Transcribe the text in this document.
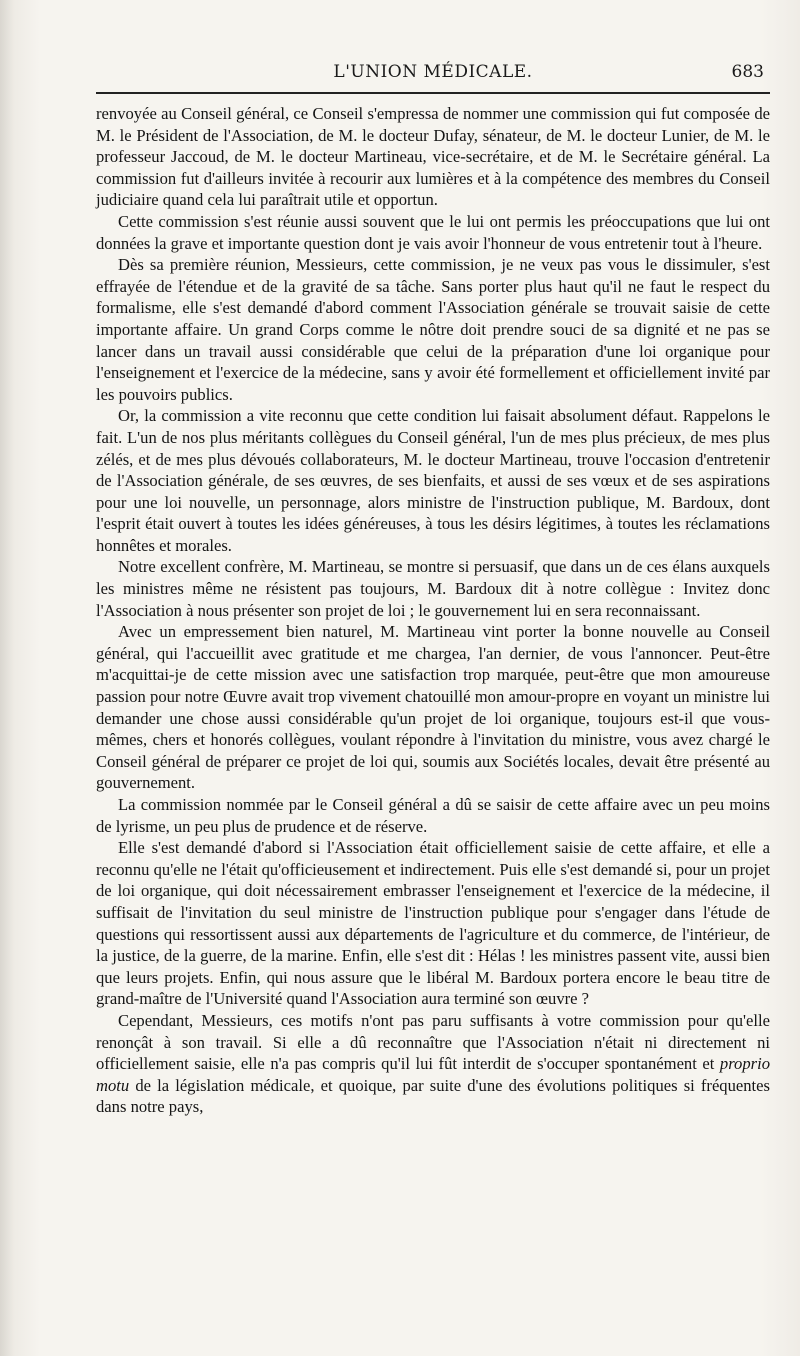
L'UNION MÉDICALE.	683

renvoyée au Conseil général, ce Conseil s'empressa de nommer une commission qui fut composée de M. le Président de l'Association, de M. le docteur Dufay, sénateur, de M. le docteur Lunier, de M. le professeur Jaccoud, de M. le docteur Martineau, vice-secrétaire, et de M. le Secrétaire général. La commission fut d'ailleurs invitée à recourir aux lumières et à la compétence des membres du Conseil judiciaire quand cela lui paraîtrait utile et opportun.

Cette commission s'est réunie aussi souvent que le lui ont permis les préoccupations que lui ont données la grave et importante question dont je vais avoir l'honneur de vous entretenir tout à l'heure.

Dès sa première réunion, Messieurs, cette commission, je ne veux pas vous le dissimuler, s'est effrayée de l'étendue et de la gravité de sa tâche. Sans porter plus haut qu'il ne faut le respect du formalisme, elle s'est demandé d'abord comment l'Association générale se trouvait saisie de cette importante affaire. Un grand Corps comme le nôtre doit prendre souci de sa dignité et ne pas se lancer dans un travail aussi considérable que celui de la préparation d'une loi organique pour l'enseignement et l'exercice de la médecine, sans y avoir été formellement et officiellement invité par les pouvoirs publics.

Or, la commission a vite reconnu que cette condition lui faisait absolument défaut. Rappelons le fait. L'un de nos plus méritants collègues du Conseil général, l'un de mes plus précieux, de mes plus zélés, et de mes plus dévoués collaborateurs, M. le docteur Martineau, trouve l'occasion d'entretenir de l'Association générale, de ses œuvres, de ses bienfaits, et aussi de ses vœux et de ses aspirations pour une loi nouvelle, un personnage, alors ministre de l'instruction publique, M. Bardoux, dont l'esprit était ouvert à toutes les idées généreuses, à tous les désirs légitimes, à toutes les réclamations honnêtes et morales.

Notre excellent confrère, M. Martineau, se montre si persuasif, que dans un de ces élans auxquels les ministres même ne résistent pas toujours, M. Bardoux dit à notre collègue : Invitez donc l'Association à nous présenter son projet de loi ; le gouvernement lui en sera reconnaissant.

Avec un empressement bien naturel, M. Martineau vint porter la bonne nouvelle au Conseil général, qui l'accueillit avec gratitude et me chargea, l'an dernier, de vous l'annoncer. Peut-être m'acquittai-je de cette mission avec une satisfaction trop marquée, peut-être que mon amoureuse passion pour notre Œuvre avait trop vivement chatouillé mon amour-propre en voyant un ministre lui demander une chose aussi considérable qu'un projet de loi organique, toujours est-il que vous-mêmes, chers et honorés collègues, voulant répondre à l'invitation du ministre, vous avez chargé le Conseil général de préparer ce projet de loi qui, soumis aux Sociétés locales, devait être présenté au gouvernement.

La commission nommée par le Conseil général a dû se saisir de cette affaire avec un peu moins de lyrisme, un peu plus de prudence et de réserve.

Elle s'est demandé d'abord si l'Association était officiellement saisie de cette affaire, et elle a reconnu qu'elle ne l'était qu'officieusement et indirectement. Puis elle s'est demandé si, pour un projet de loi organique, qui doit nécessairement embrasser l'enseignement et l'exercice de la médecine, il suffisait de l'invitation du seul ministre de l'instruction publique pour s'engager dans l'étude de questions qui ressortissent aussi aux départements de l'agriculture et du commerce, de l'intérieur, de la justice, de la guerre, de la marine. Enfin, elle s'est dit : Hélas ! les ministres passent vite, aussi bien que leurs projets. Enfin, qui nous assure que le libéral M. Bardoux portera encore le beau titre de grand-maître de l'Université quand l'Association aura terminé son œuvre ?

Cependant, Messieurs, ces motifs n'ont pas paru suffisants à votre commission pour qu'elle renonçât à son travail. Si elle a dû reconnaître que l'Association n'était ni directement ni officiellement saisie, elle n'a pas compris qu'il lui fût interdit de s'occuper spontanément et proprio motu de la législation médicale, et quoique, par suite d'une des évolutions politiques si fréquentes dans notre pays,
